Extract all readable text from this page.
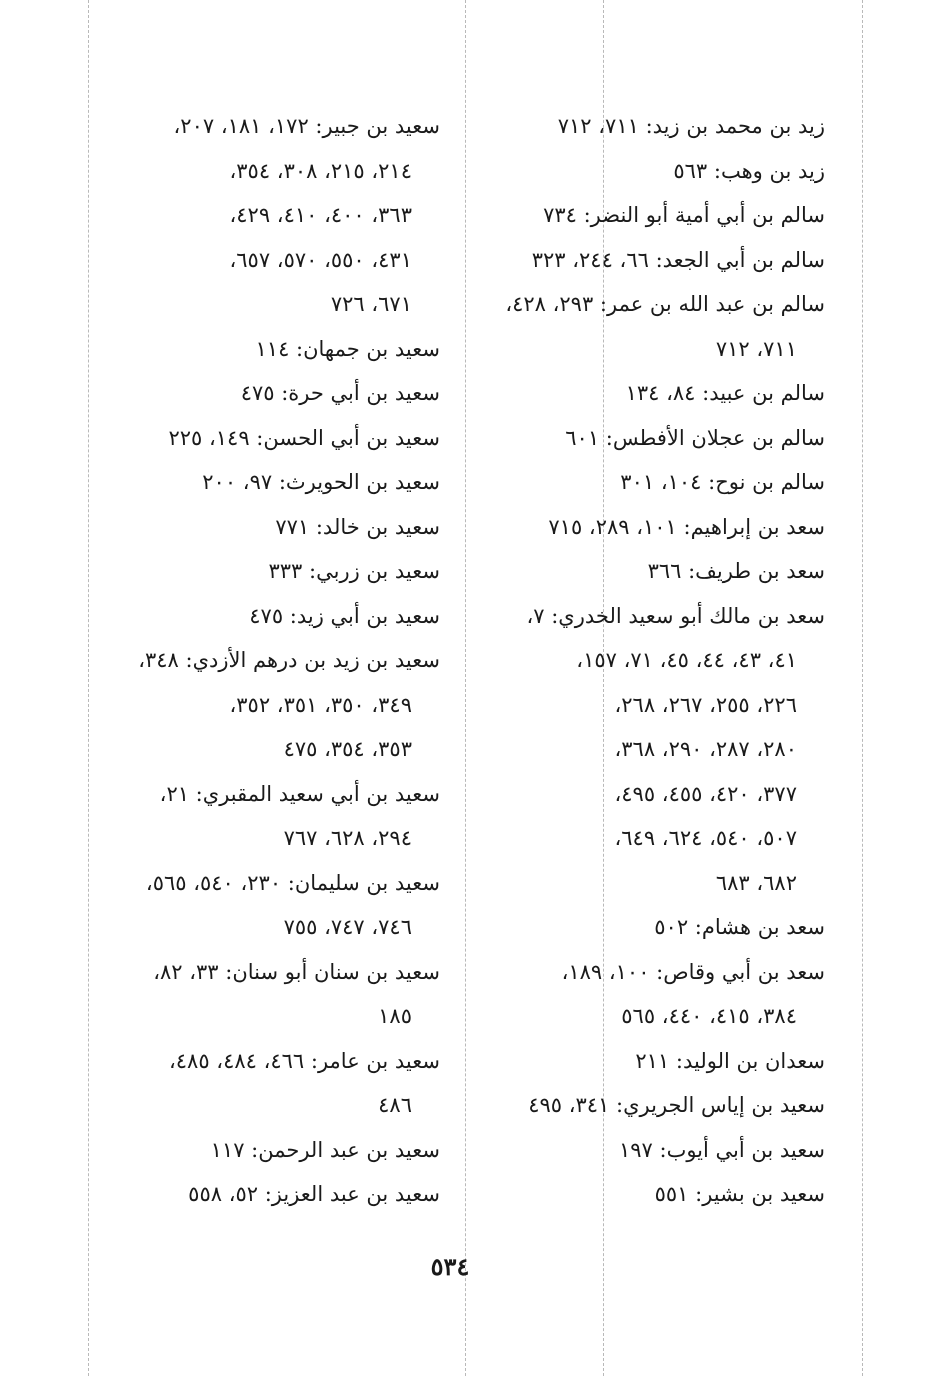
زيد بن محمد بن زيد: ٧١١، ٧١٢
زيد بن وهب: ٥٦٣
سالم بن أبي أمية أبو النضر: ٧٣٤
سالم بن أبي الجعد: ٦٦، ٢٤٤، ٣٢٣
سالم بن عبد الله بن عمر: ٢٩٣، ٤٢٨،
٧١١، ٧١٢
سالم بن عبيد: ٨٤، ١٣٤
سالم بن عجلان الأفطس: ٦٠١
سالم بن نوح: ١٠٤، ٣٠١
سعد بن إبراهيم: ١٠١، ٢٨٩، ٧١٥
سعد بن طريف: ٣٦٦
سعد بن مالك أبو سعيد الخدري: ٧،
٤١، ٤٣، ٤٤، ٤٥، ٧١، ١٥٧،
٢٢٦، ٢٥٥، ٢٦٧، ٢٦٨،
٢٨٠، ٢٨٧، ٢٩٠، ٣٦٨،
٣٧٧، ٤٢٠، ٤٥٥، ٤٩٥،
٥٠٧، ٥٤٠، ٦٢٤، ٦٤٩،
٦٨٢، ٦٨٣
سعد بن هشام: ٥٠٢
سعد بن أبي وقاص: ١٠٠، ١٨٩،
٣٨٤، ٤١٥، ٤٤٠، ٥٦٥
سعدان بن الوليد: ٢١١
سعيد بن إياس الجريري: ٣٤١، ٤٩٥
سعيد بن أبي أيوب: ١٩٧
سعيد بن بشير: ٥٥١
سعيد بن جبير: ١٧٢، ١٨١، ٢٠٧،
٢١٤، ٢١٥، ٣٠٨، ٣٥٤،
٣٦٣، ٤٠٠، ٤١٠، ٤٢٩،
٤٣١، ٥٥٠، ٥٧٠، ٦٥٧،
٦٧١، ٧٢٦
سعيد بن جمهان: ١١٤
سعيد بن أبي حرة: ٤٧٥
سعيد بن أبي الحسن: ١٤٩، ٢٢٥
سعيد بن الحويرث: ٩٧، ٢٠٠
سعيد بن خالد: ٧٧١
سعيد بن زربي: ٣٣٣
سعيد بن أبي زيد: ٤٧٥
سعيد بن زيد بن درهم الأزدي: ٣٤٨،
٣٤٩، ٣٥٠، ٣٥١، ٣٥٢،
٣٥٣، ٣٥٤، ٤٧٥
سعيد بن أبي سعيد المقبري: ٢١،
٢٩٤، ٦٢٨، ٧٦٧
سعيد بن سليمان: ٢٣٠، ٥٤٠، ٥٦٥،
٧٤٦، ٧٤٧، ٧٥٥
سعيد بن سنان أبو سنان: ٣٣، ٨٢،
١٨٥
سعيد بن عامر: ٤٦٦، ٤٨٤، ٤٨٥،
٤٨٦
سعيد بن عبد الرحمن: ١١٧
سعيد بن عبد العزيز: ٥٢، ٥٥٨
٥٣٤
